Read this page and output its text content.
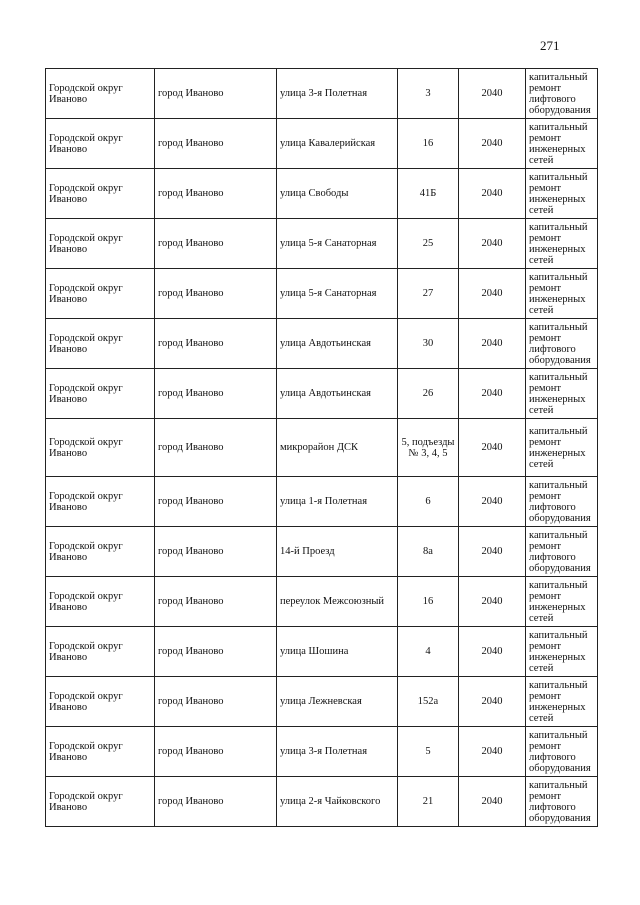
271
Городской округ Иваново	город Иваново	улица 3-я Полетная	3	2040	капитальный ремонт лифтового оборудования
Городской округ Иваново	город Иваново	улица Кавалерийская	16	2040	капитальный ремонт инженерных сетей
Городской округ Иваново	город Иваново	улица Свободы	41Б	2040	капитальный ремонт инженерных сетей
Городской округ Иваново	город Иваново	улица 5-я Санаторная	25	2040	капитальный ремонт инженерных сетей
Городской округ Иваново	город Иваново	улица 5-я Санаторная	27	2040	капитальный ремонт инженерных сетей
Городской округ Иваново	город Иваново	улица Авдотьинская	30	2040	капитальный ремонт лифтового оборудования
Городской округ Иваново	город Иваново	улица Авдотьинская	26	2040	капитальный ремонт инженерных сетей
Городской округ Иваново	город Иваново	микрорайон ДСК	5, подъезды № 3, 4, 5	2040	капитальный ремонт инженерных сетей
Городской округ Иваново	город Иваново	улица 1-я Полетная	6	2040	капитальный ремонт лифтового оборудования
Городской округ Иваново	город Иваново	14-й Проезд	8а	2040	капитальный ремонт лифтового оборудования
Городской округ Иваново	город Иваново	переулок Межсоюзный	16	2040	капитальный ремонт инженерных сетей
Городской округ Иваново	город Иваново	улица Шошина	4	2040	капитальный ремонт инженерных сетей
Городской округ Иваново	город Иваново	улица Лежневская	152а	2040	капитальный ремонт инженерных сетей
Городской округ Иваново	город Иваново	улица 3-я Полетная	5	2040	капитальный ремонт лифтового оборудования
Городской округ Иваново	город Иваново	улица 2-я Чайковского	21	2040	капитальный ремонт лифтового оборудования
